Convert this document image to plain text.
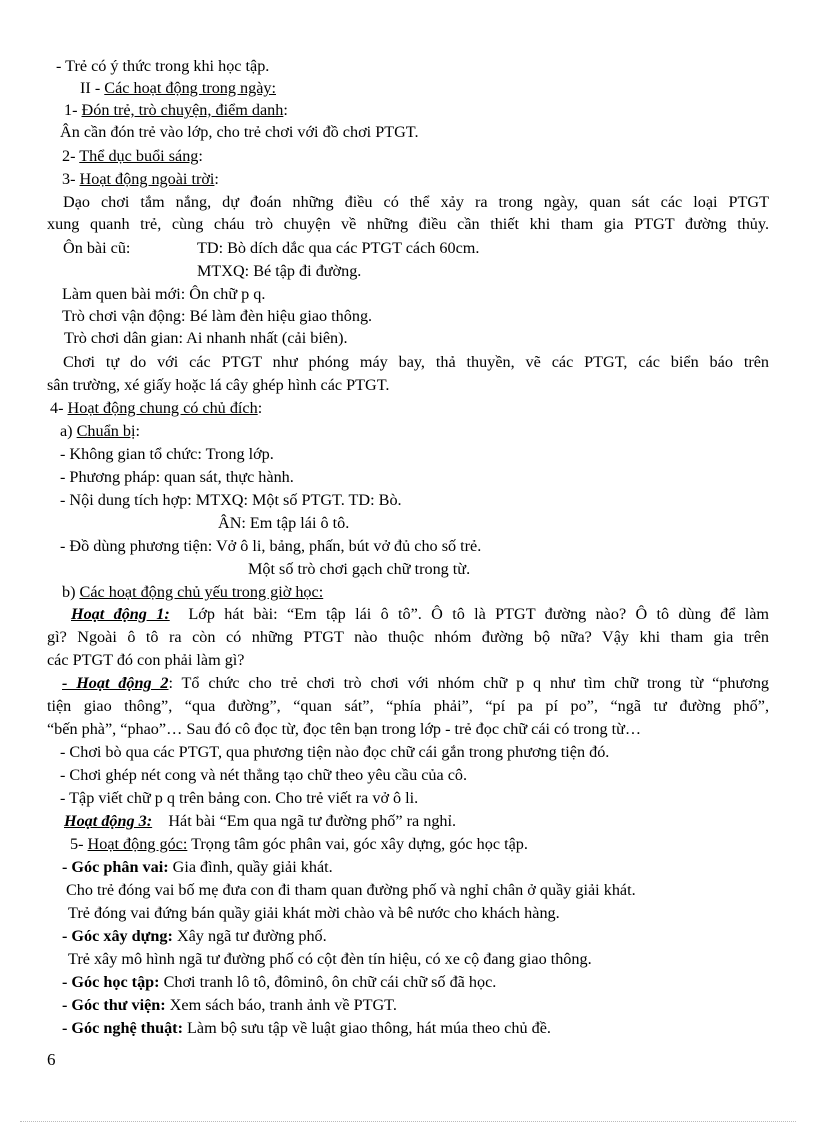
- Trẻ có ý thức trong khi học tập.
II - Các hoạt động trong ngày:
1- Đón trẻ, trò chuyện, điểm danh:
Ân cần đón trẻ vào lớp, cho trẻ chơi với đồ chơi PTGT.
2- Thể dục buổi sáng:
3- Hoạt động ngoài trời:
Dạo chơi tắm nắng, dự đoán những điều có thể xảy ra trong ngày, quan sát các loại PTGT
xung quanh trẻ, cùng cháu trò chuyện về những điều cần thiết khi tham gia PTGT đường thủy.
Ôn bài cũ:	TD: Bò dích dắc qua các PTGT cách 60cm.
MTXQ: Bé tập đi đường.
Làm quen bài mới: Ôn chữ p q.
Trò chơi vận động: Bé làm đèn hiệu giao thông.
Trò chơi dân gian: Ai nhanh nhất (cải biên).
Chơi tự do với các PTGT như phóng máy bay, thả thuyền, vẽ các PTGT, các biển báo trên
sân trường, xé giấy hoặc lá cây ghép hình các PTGT.
4- Hoạt động chung có chủ đích:
a) Chuẩn bị:
- Không gian tổ chức: Trong lớp.
- Phương pháp: quan sát, thực hành.
- Nội dung tích hợp: MTXQ: Một số PTGT. TD: Bò.
ÂN: Em tập lái ô tô.
- Đồ dùng phương tiện: Vở ô li, bảng, phấn, bút vở đủ cho số trẻ.
Một số trò chơi gạch chữ trong từ.
b) Các hoạt động chủ yếu trong giờ học:
Hoạt động 1: Lớp hát bài: “Em tập lái ô tô”. Ô tô là PTGT đường nào? Ô tô dùng để làm
gì? Ngoài ô tô ra còn có những PTGT nào thuộc nhóm đường bộ nữa? Vậy khi tham gia trên
các PTGT đó con phải làm gì?
- Hoạt động 2: Tổ chức cho trẻ chơi trò chơi với nhóm chữ p q như tìm chữ trong từ “phương
tiện giao thông”, “qua đường”, “quan sát”, “phía phải”, “pí pa pí po”, “ngã tư đường phố”,
“bến phà”, “phao”… Sau đó cô đọc từ, đọc tên bạn trong lớp - trẻ đọc chữ cái có trong từ…
- Chơi bò qua các PTGT, qua phương tiện nào đọc chữ cái gắn trong phương tiện đó.
- Chơi ghép nét cong và nét thẳng tạo chữ theo yêu cầu của cô.
- Tập viết chữ p q trên bảng con. Cho trẻ viết ra vở ô li.
Hoạt động 3: Hát bài “Em qua ngã tư đường phố” ra nghỉ.
5- Hoạt động góc: Trọng tâm góc phân vai, góc xây dựng, góc học tập.
- Góc phân vai: Gia đình, quầy giải khát.
Cho trẻ đóng vai bố mẹ đưa con đi tham quan đường phố và nghỉ chân ở quầy giải khát.
Trẻ đóng vai đứng bán quầy giải khát mời chào và bê nước cho khách hàng.
- Góc xây dựng: Xây ngã tư đường phố.
Trẻ xây mô hình ngã tư đường phố có cột đèn tín hiệu, có xe cộ đang giao thông.
- Góc học tập: Chơi tranh lô tô, đôminô, ôn chữ cái chữ số đã học.
- Góc thư viện: Xem sách báo, tranh ảnh về PTGT.
- Góc nghệ thuật: Làm bộ sưu tập về luật giao thông, hát múa theo chủ đề.
6
